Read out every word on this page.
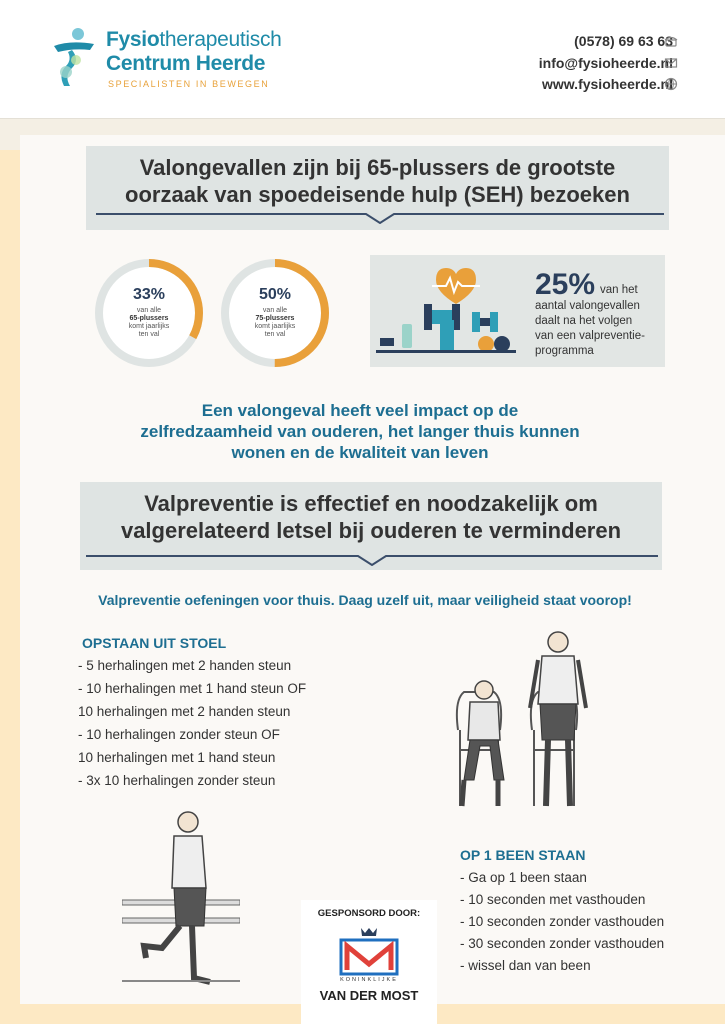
Fysiotherapeutisch
Centrum Heerde
SPECIALISTEN IN BEWEGEN
(0578) 69 63 63
info@fysioheerde.nl
www.fysioheerde.nl
Valongevallen zijn bij 65-plussers de grootste
oorzaak van spoedeisende hulp (SEH) bezoeken
33%
van alle
65-plussers
komt jaarlijks
ten val
50%
van alle
75-plussers
komt jaarlijks
ten val
25% van het
aantal valongevallen
daalt na het volgen
van een valpreventie-
programma
Een valongeval heeft veel impact op de
zelfredzaamheid van ouderen, het langer thuis kunnen
wonen en de kwaliteit van leven
Valpreventie is effectief en noodzakelijk om
valgerelateerd letsel bij ouderen te verminderen
Valpreventie oefeningen voor thuis. Daag uzelf uit, maar veiligheid staat voorop!
OPSTAAN UIT STOEL
- 5 herhalingen met 2 handen steun
- 10 herhalingen met 1 hand steun OF
10 herhalingen met 2 handen steun
- 10 herhalingen zonder steun OF
10 herhalingen met 1 hand steun
- 3x 10 herhalingen zonder steun
OP 1 BEEN STAAN
- Ga op 1 been staan
- 10 seconden met vasthouden
- 10 seconden zonder vasthouden
- 30 seconden zonder vasthouden
- wissel dan van been
GESPONSORD DOOR:
KONINKLIJKE
VAN DER MOST
